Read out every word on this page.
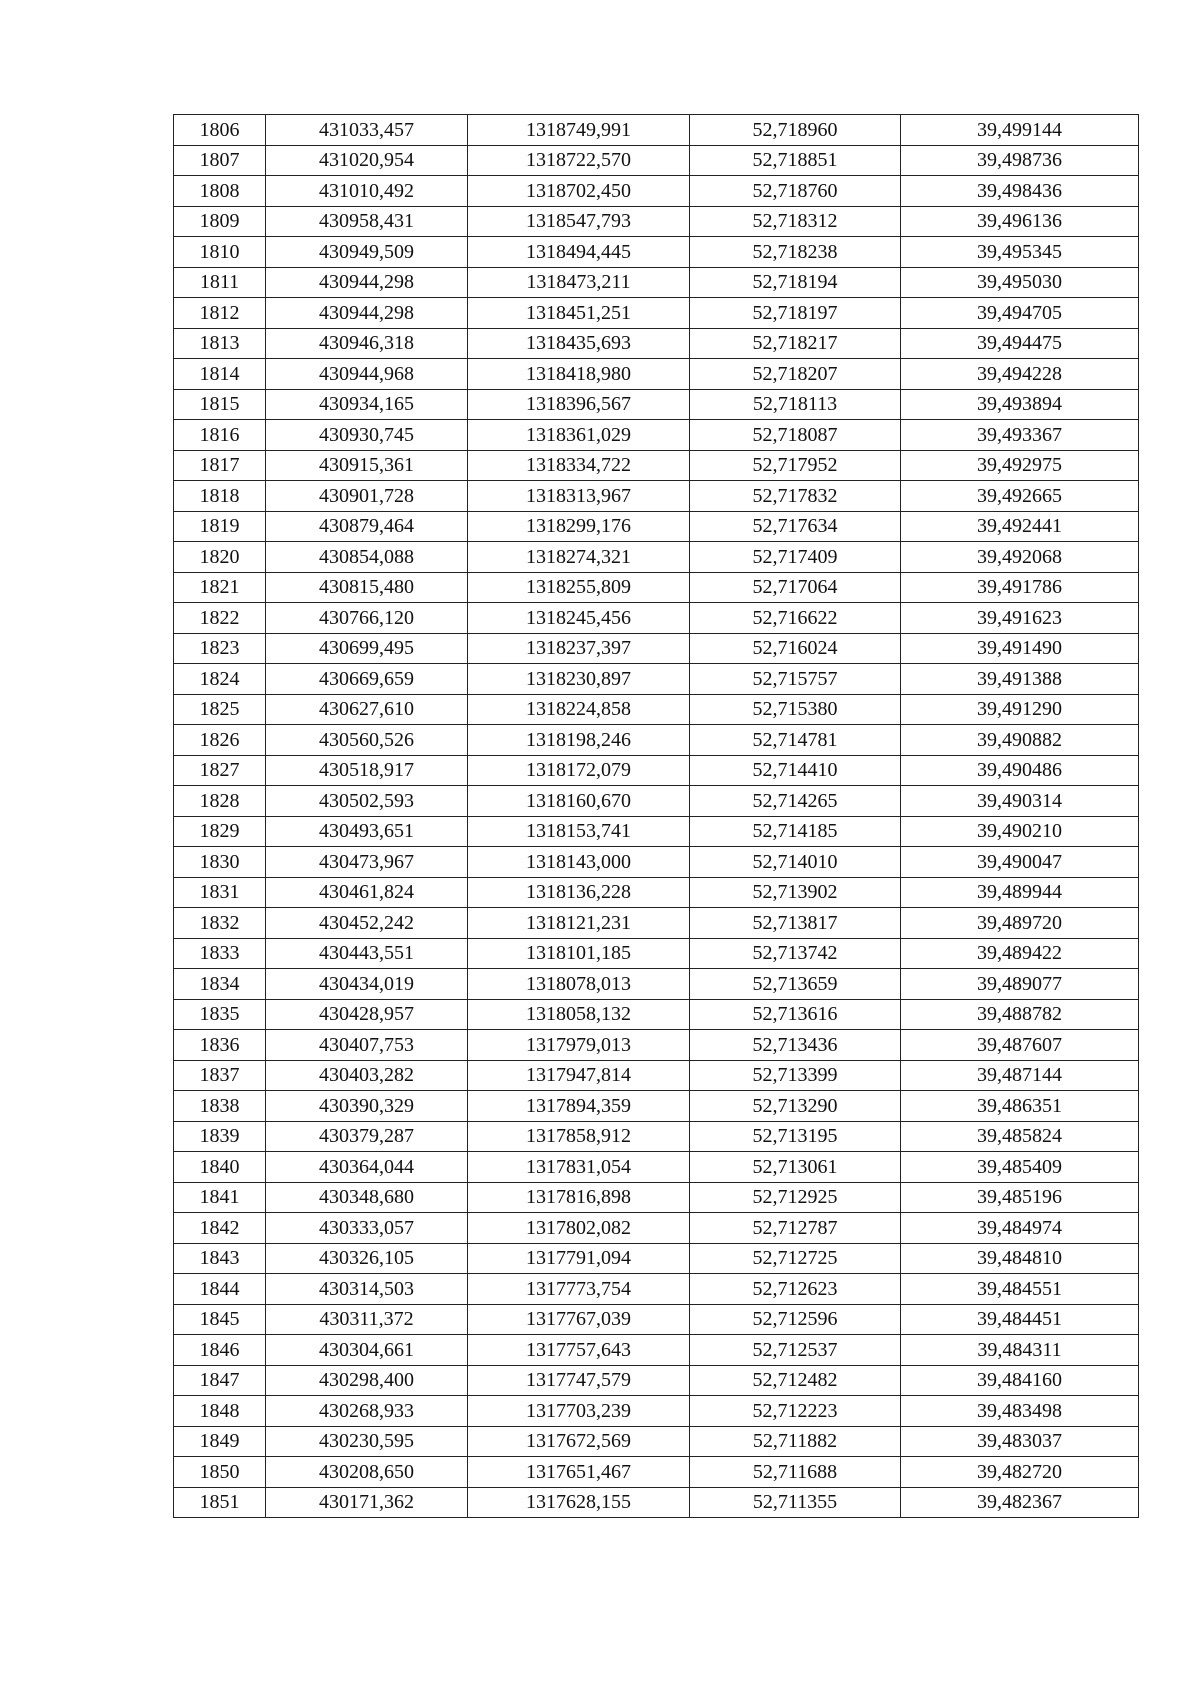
1806	431033,457	1318749,991	52,718960	39,499144
1807	431020,954	1318722,570	52,718851	39,498736
1808	431010,492	1318702,450	52,718760	39,498436
1809	430958,431	1318547,793	52,718312	39,496136
1810	430949,509	1318494,445	52,718238	39,495345
1811	430944,298	1318473,211	52,718194	39,495030
1812	430944,298	1318451,251	52,718197	39,494705
1813	430946,318	1318435,693	52,718217	39,494475
1814	430944,968	1318418,980	52,718207	39,494228
1815	430934,165	1318396,567	52,718113	39,493894
1816	430930,745	1318361,029	52,718087	39,493367
1817	430915,361	1318334,722	52,717952	39,492975
1818	430901,728	1318313,967	52,717832	39,492665
1819	430879,464	1318299,176	52,717634	39,492441
1820	430854,088	1318274,321	52,717409	39,492068
1821	430815,480	1318255,809	52,717064	39,491786
1822	430766,120	1318245,456	52,716622	39,491623
1823	430699,495	1318237,397	52,716024	39,491490
1824	430669,659	1318230,897	52,715757	39,491388
1825	430627,610	1318224,858	52,715380	39,491290
1826	430560,526	1318198,246	52,714781	39,490882
1827	430518,917	1318172,079	52,714410	39,490486
1828	430502,593	1318160,670	52,714265	39,490314
1829	430493,651	1318153,741	52,714185	39,490210
1830	430473,967	1318143,000	52,714010	39,490047
1831	430461,824	1318136,228	52,713902	39,489944
1832	430452,242	1318121,231	52,713817	39,489720
1833	430443,551	1318101,185	52,713742	39,489422
1834	430434,019	1318078,013	52,713659	39,489077
1835	430428,957	1318058,132	52,713616	39,488782
1836	430407,753	1317979,013	52,713436	39,487607
1837	430403,282	1317947,814	52,713399	39,487144
1838	430390,329	1317894,359	52,713290	39,486351
1839	430379,287	1317858,912	52,713195	39,485824
1840	430364,044	1317831,054	52,713061	39,485409
1841	430348,680	1317816,898	52,712925	39,485196
1842	430333,057	1317802,082	52,712787	39,484974
1843	430326,105	1317791,094	52,712725	39,484810
1844	430314,503	1317773,754	52,712623	39,484551
1845	430311,372	1317767,039	52,712596	39,484451
1846	430304,661	1317757,643	52,712537	39,484311
1847	430298,400	1317747,579	52,712482	39,484160
1848	430268,933	1317703,239	52,712223	39,483498
1849	430230,595	1317672,569	52,711882	39,483037
1850	430208,650	1317651,467	52,711688	39,482720
1851	430171,362	1317628,155	52,711355	39,482367
